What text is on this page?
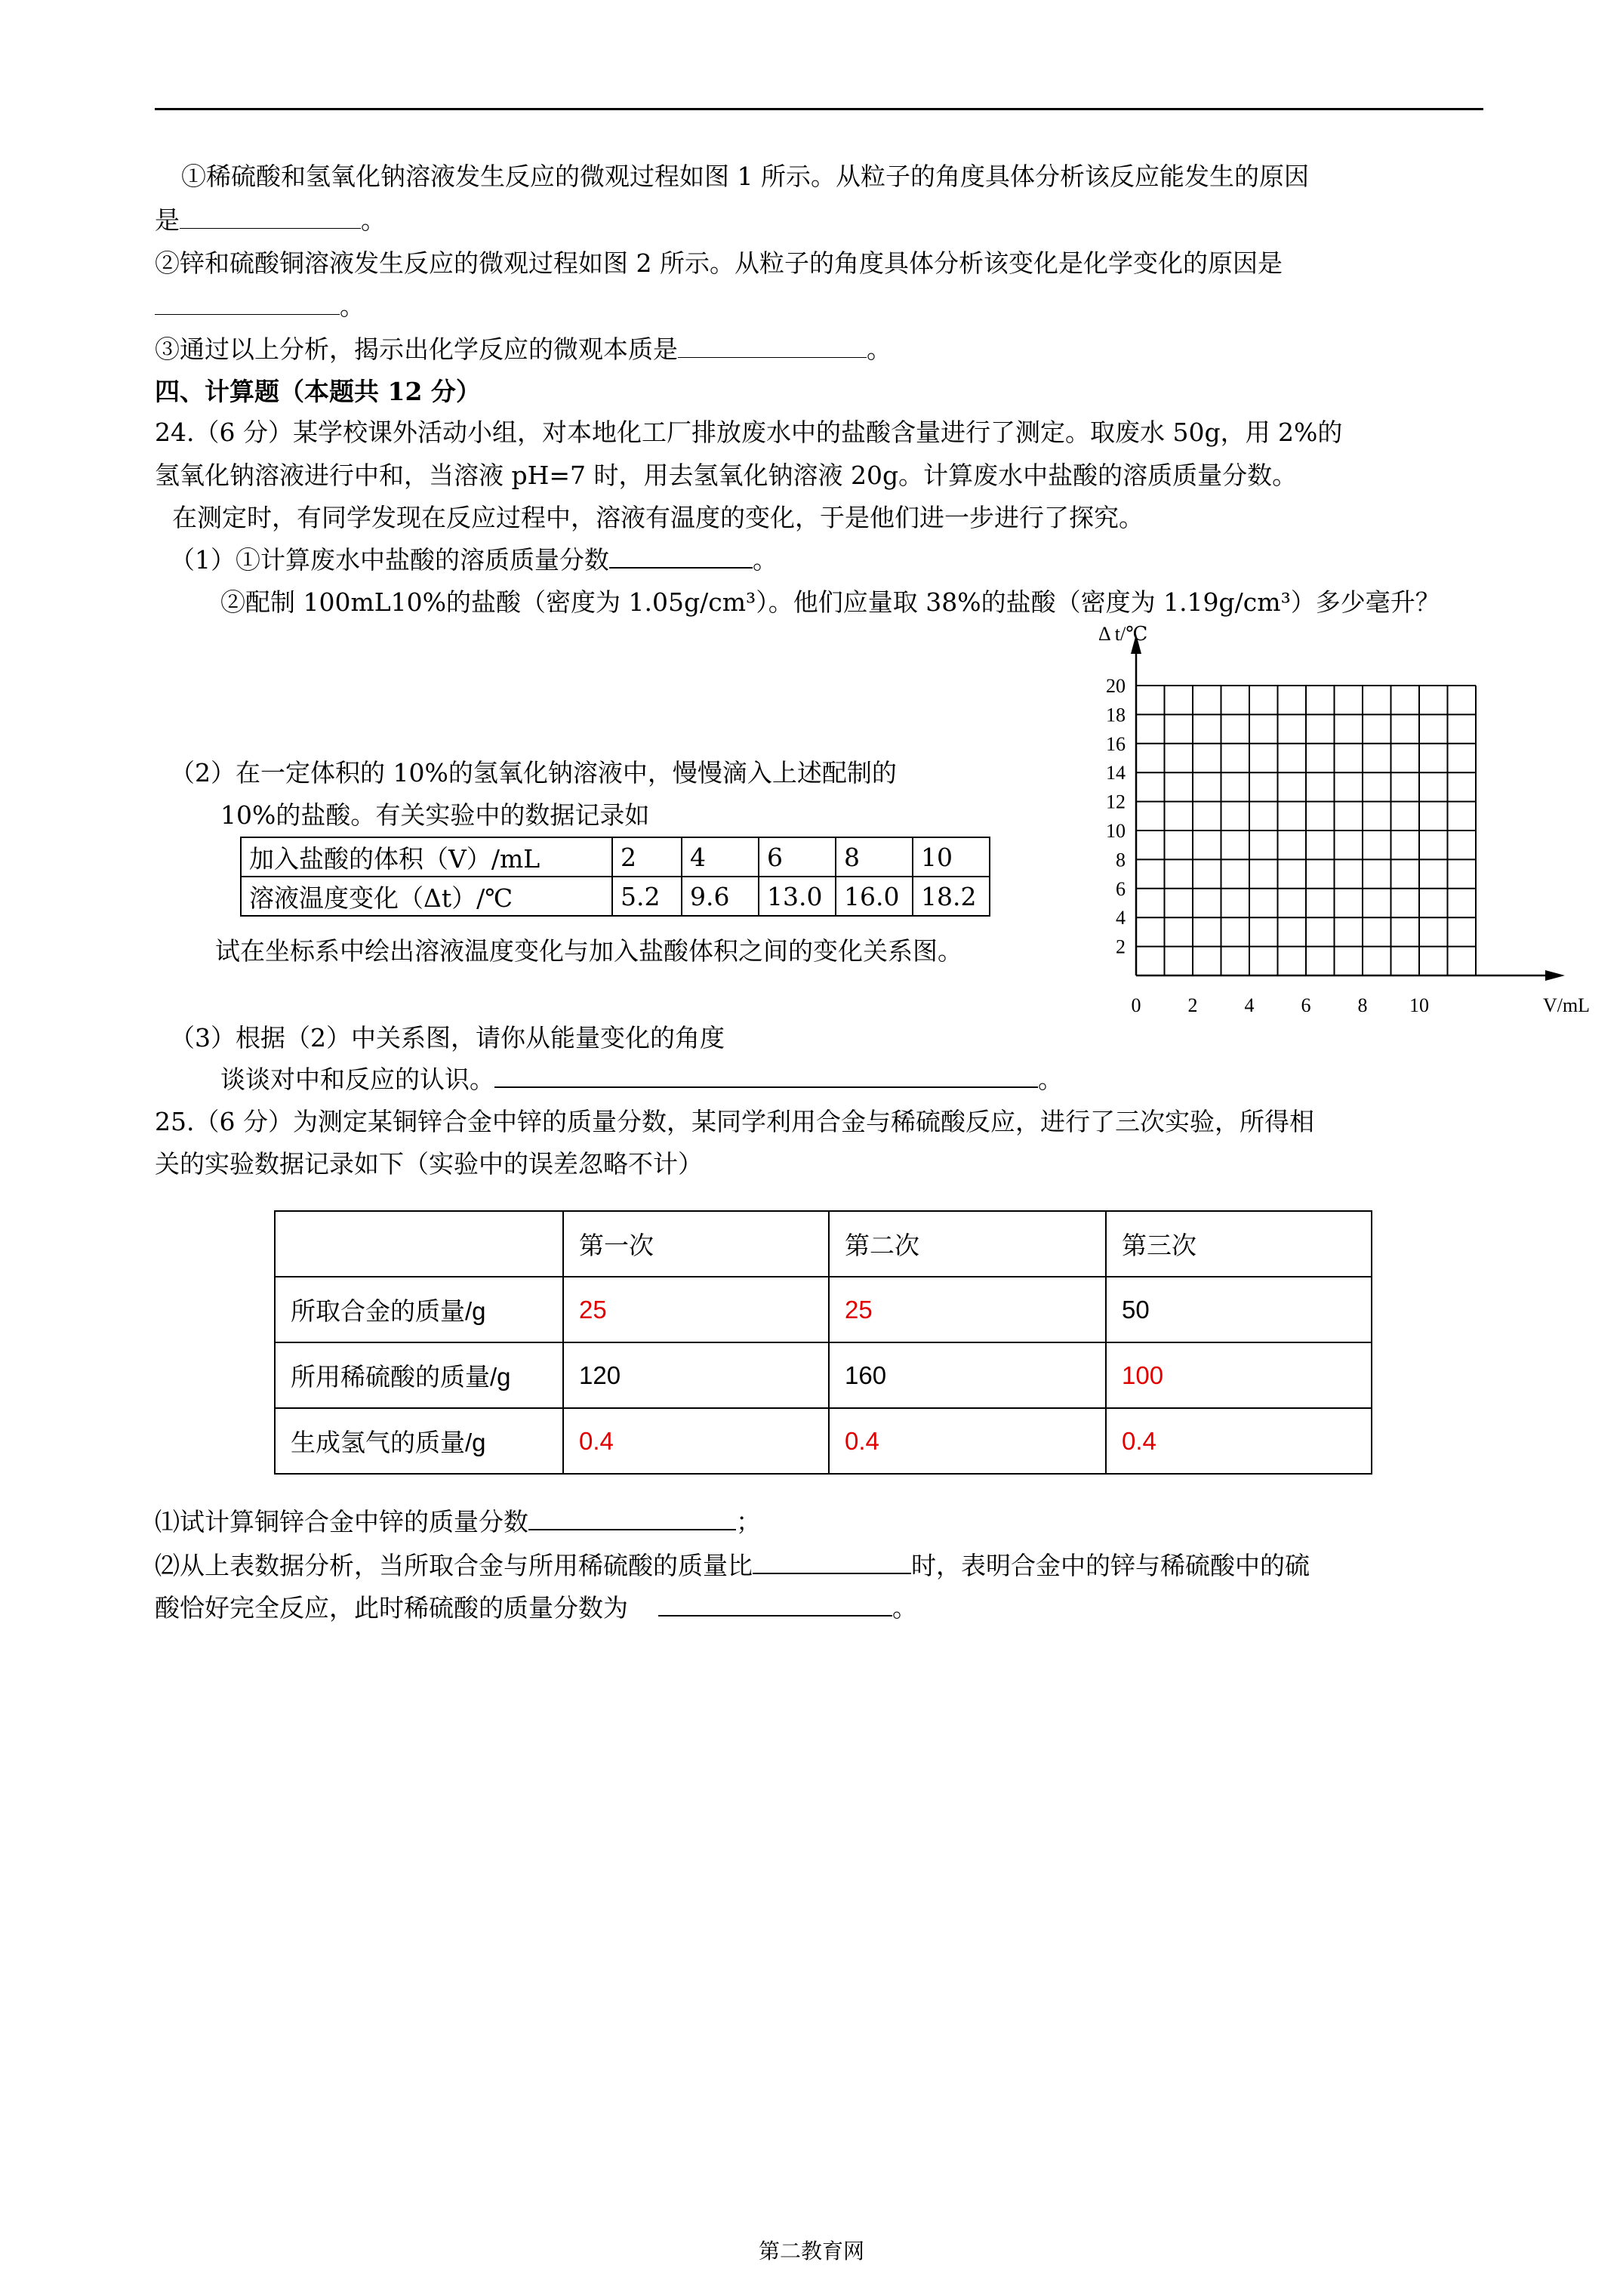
①稀硫酸和氢氧化钠溶液发生反应的微观过程如图 1 所示。从粒子的角度具体分析该反应能发生的原因
是	。
②锌和硫酸铜溶液发生反应的微观过程如图 2 所示。从粒子的角度具体分析该变化是化学变化的原因是
。
③通过以上分析，揭示出化学反应的微观本质是	。
四、计算题（本题共 12 分）
24.（6 分）某学校课外活动小组，对本地化工厂排放废水中的盐酸含量进行了测定。取废水 50g，用 2%的
氢氧化钠溶液进行中和，当溶液 pH=7 时，用去氢氧化钠溶液 20g。计算废水中盐酸的溶质质量分数。
在测定时，有同学发现在反应过程中，溶液有温度的变化，于是他们进一步进行了探究。
（1）①计算废水中盐酸的溶质质量分数	。
②配制 100mL10%的盐酸（密度为 1.05g/cm³）。他们应量取 38%的盐酸（密度为 1.19g/cm³）多少毫升？
（2）在一定体积的 10%的氢氧化钠溶液中，慢慢滴入上述配制的
10%的盐酸。有关实验中的数据记录如
加入盐酸的体积（V）/mL	2	4	6	8	10
溶液温度变化（Δt）/℃	5.2	9.6	13.0	16.0	18.2
试在坐标系中绘出溶液温度变化与加入盐酸体积之间的变化关系图。	2
4
6
8
10
12
14
16
18
20
0 2 4 6 8 10	V/mL
Δ t/℃
（3）根据（2）中关系图，请你从能量变化的角度
谈谈对中和反应的认识。	。
25.（6 分）为测定某铜锌合金中锌的质量分数，某同学利用合金与稀硫酸反应，进行了三次实验，所得相
关的实验数据记录如下（实验中的误差忽略不计）
	第一次	第二次	第三次
所取合金的质量/g	25	25	50
所用稀硫酸的质量/g	120	160	100
生成氢气的质量/g	0.4	0.4	0.4
⑴试计算铜锌合金中锌的质量分数	；
⑵从上表数据分析，当所取合金与所用稀硫酸的质量比	时，表明合金中的锌与稀硫酸中的硫
酸恰好完全反应，此时稀硫酸的质量分数为	。
第二教育网
